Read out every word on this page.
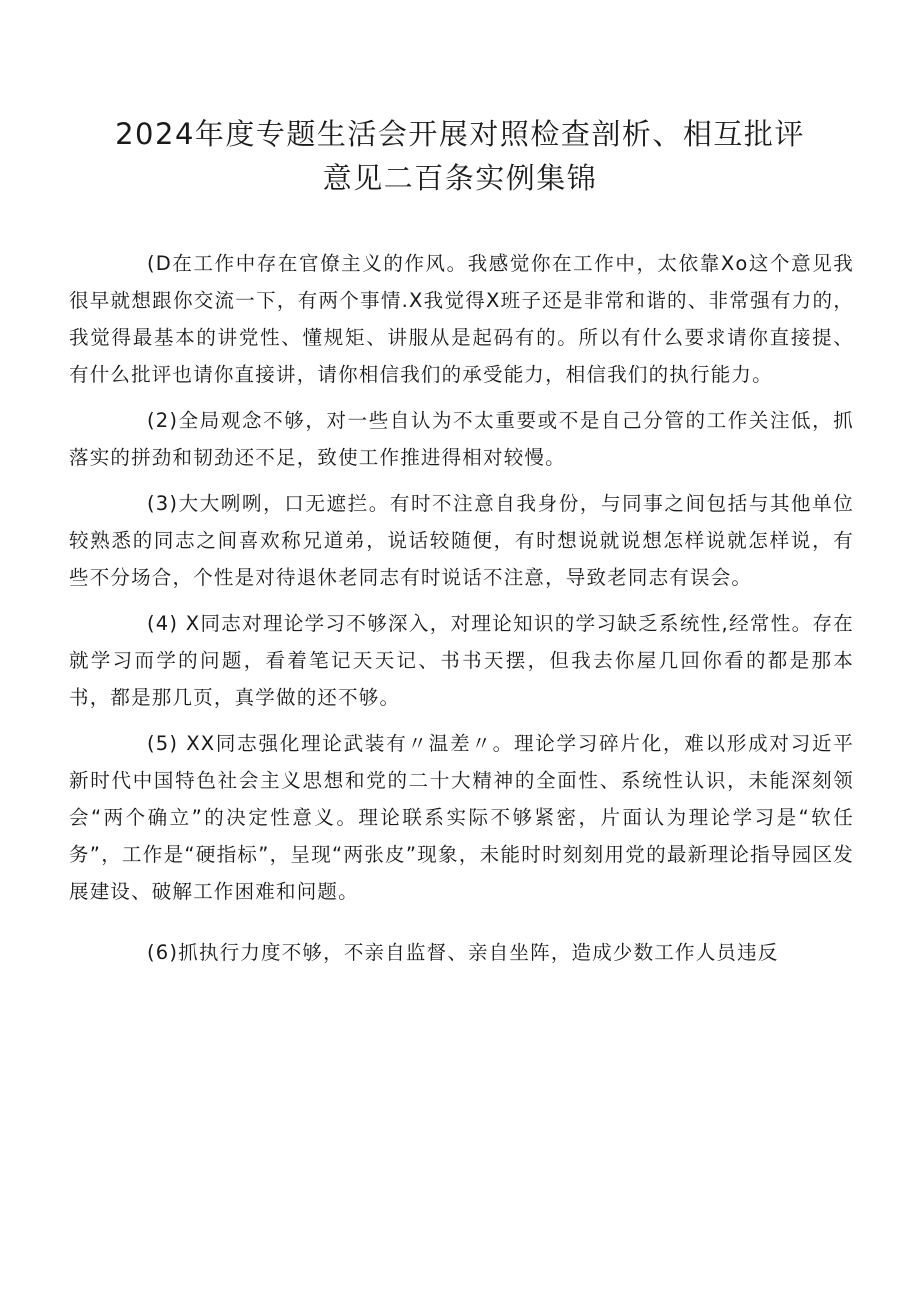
2024年度专题生活会开展对照检查剖析、相互批评
意见二百条实例集锦

(D在工作中存在官僚主义的作风。我感觉你在工作中，太依靠Xo这个意见我很早就想跟你交流一下，有两个事情.X我觉得X班子还是非常和谐的、非常强有力的，我觉得最基本的讲党性、懂规矩、讲服从是起码有的。所以有什么要求请你直接提、有什么批评也请你直接讲，请你相信我们的承受能力，相信我们的执行能力。

(2)全局观念不够，对一些自认为不太重要或不是自己分管的工作关注低，抓落实的拼劲和韧劲还不足，致使工作推进得相对较慢。

(3)大大咧咧，口无遮拦。有时不注意自我身份，与同事之间包括与其他单位较熟悉的同志之间喜欢称兄道弟，说话较随便，有时想说就说想怎样说就怎样说，有些不分场合，个性是对待退休老同志有时说话不注意，导致老同志有误会。

(4) X同志对理论学习不够深入，对理论知识的学习缺乏系统性,经常性。存在就学习而学的问题，看着笔记天天记、书书天摆，但我去你屋几回你看的都是那本书，都是那几页，真学做的还不够。

(5) XX同志强化理论武装有〃温差〃。理论学习碎片化，难以形成对习近平新时代中国特色社会主义思想和党的二十大精神的全面性、系统性认识，未能深刻领会“两个确立”的决定性意义。理论联系实际不够紧密，片面认为理论学习是“软任务”，工作是“硬指标”，呈现“两张皮”现象，未能时时刻刻用党的最新理论指导园区发展建设、破解工作困难和问题。

(6)抓执行力度不够，不亲自监督、亲自坐阵，造成少数工作人员违反
